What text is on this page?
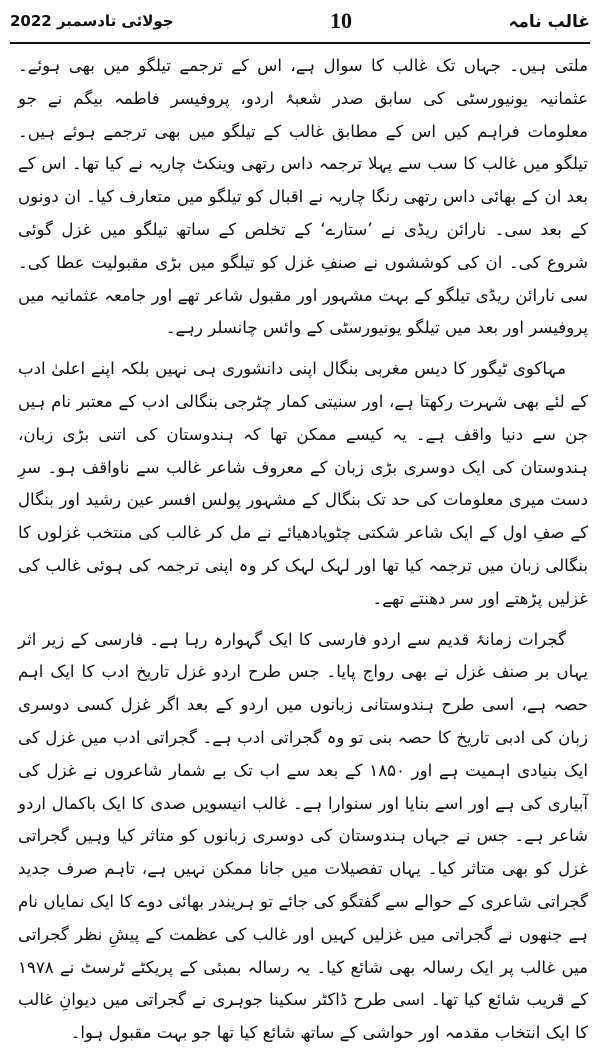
جولائی تادسمبر 2022	10	غالب نامہ

ملتی ہیں۔ جہاں تک غالب کا سوال ہے، اس کے ترجمے تیلگو میں بھی ہوئے۔ عثمانیہ یونیورسٹی کی سابق صدر شعبۂ اردو، پروفیسر فاطمہ بیگم نے جو معلومات فراہم کیں اس کے مطابق غالب کے تیلگو میں بھی ترجمے ہوئے ہیں۔ تیلگو میں غالب کا سب سے پہلا ترجمہ داس رتھی وینکٹ چاریہ نے کیا تھا۔ اس کے بعد ان کے بھائی داس رتھی رنگا چاریہ نے اقبال کو تیلگو میں متعارف کیا۔ ان دونوں کے بعد سی۔ نارائن ریڈی نے ’ستارے‘ کے تخلص کے ساتھ تیلگو میں غزل گوئی شروع کی۔ ان کی کوششوں نے صنفِ غزل کو تیلگو میں بڑی مقبولیت عطا کی۔ سی نارائن ریڈی تیلگو کے بہت مشہور اور مقبول شاعر تھے اور جامعہ عثمانیہ میں پروفیسر اور بعد میں تیلگو یونیورسٹی کے وائس چانسلر رہے۔

مہاکوی ٹیگور کا دیس مغربی بنگال اپنی دانشوری ہی نہیں بلکہ اپنے اعلیٰ ادب کے لئے بھی شہرت رکھتا ہے، اور سنیتی کمار چٹرجی بنگالی ادب کے معتبر نام ہیں جن سے دنیا واقف ہے۔ یہ کیسے ممکن تھا کہ ہندوستان کی اتنی بڑی زبان، ہندوستان کی ایک دوسری بڑی زبان کے معروف شاعر غالب سے ناواقف ہو۔ سرِ دست میری معلومات کی حد تک بنگال کے مشہور پولس افسر عین رشید اور بنگال کے صفِ اول کے ایک شاعر شکتی چٹوپادھیائے نے مل کر غالب کی منتخب غزلوں کا بنگالی زبان میں ترجمہ کیا تھا اور لہک لہک کر وہ اپنی ترجمہ کی ہوئی غالب کی غزلیں پڑھتے اور سر دھنتے تھے۔

گجرات زمانۂ قدیم سے اردو فارسی کا ایک گہوارہ رہا ہے۔ فارسی کے زیر اثر یہاں بر صنف غزل نے بھی رواج پایا۔ جس طرح اردو غزل تاریخ ادب کا ایک اہم حصہ ہے، اسی طرح ہندوستانی زبانوں میں اردو کے بعد اگر غزل کسی دوسری زبان کی ادبی تاریخ کا حصہ بنی تو وہ گجراتی ادب ہے۔ گجراتی ادب میں غزل کی ایک بنیادی اہمیت ہے اور ۱۸۵۰ کے بعد سے اب تک بے شمار شاعروں نے غزل کی آبیاری کی ہے اور اسے بنایا اور سنوارا ہے۔ غالب انیسویں صدی کا ایک باکمال اردو شاعر ہے۔ جس نے جہاں ہندوستان کی دوسری زبانوں کو متاثر کیا وہیں گجراتی غزل کو بھی متاثر کیا۔ یہاں تفصیلات میں جانا ممکن نہیں ہے، تاہم صرف جدید گجراتی شاعری کے حوالے سے گفتگو کی جائے تو ہریندر بھائی دوے کا ایک نمایاں نام ہے جنھوں نے گجراتی میں غزلیں کہیں اور غالب کی عظمت کے پیشِ نظر گجراتی میں غالب پر ایک رسالہ بھی شائع کیا۔ یہ رسالہ بمبئی کے پریکٹے ٹرسٹ نے ۱۹۷۸ کے قریب شائع کیا تھا۔ اسی طرح ڈاکٹر سکینا جوہری نے گجراتی میں دیوانِ غالب کا ایک انتخاب مقدمہ اور حواشی کے ساتھ شائع کیا تھا جو بہت مقبول ہوا۔
